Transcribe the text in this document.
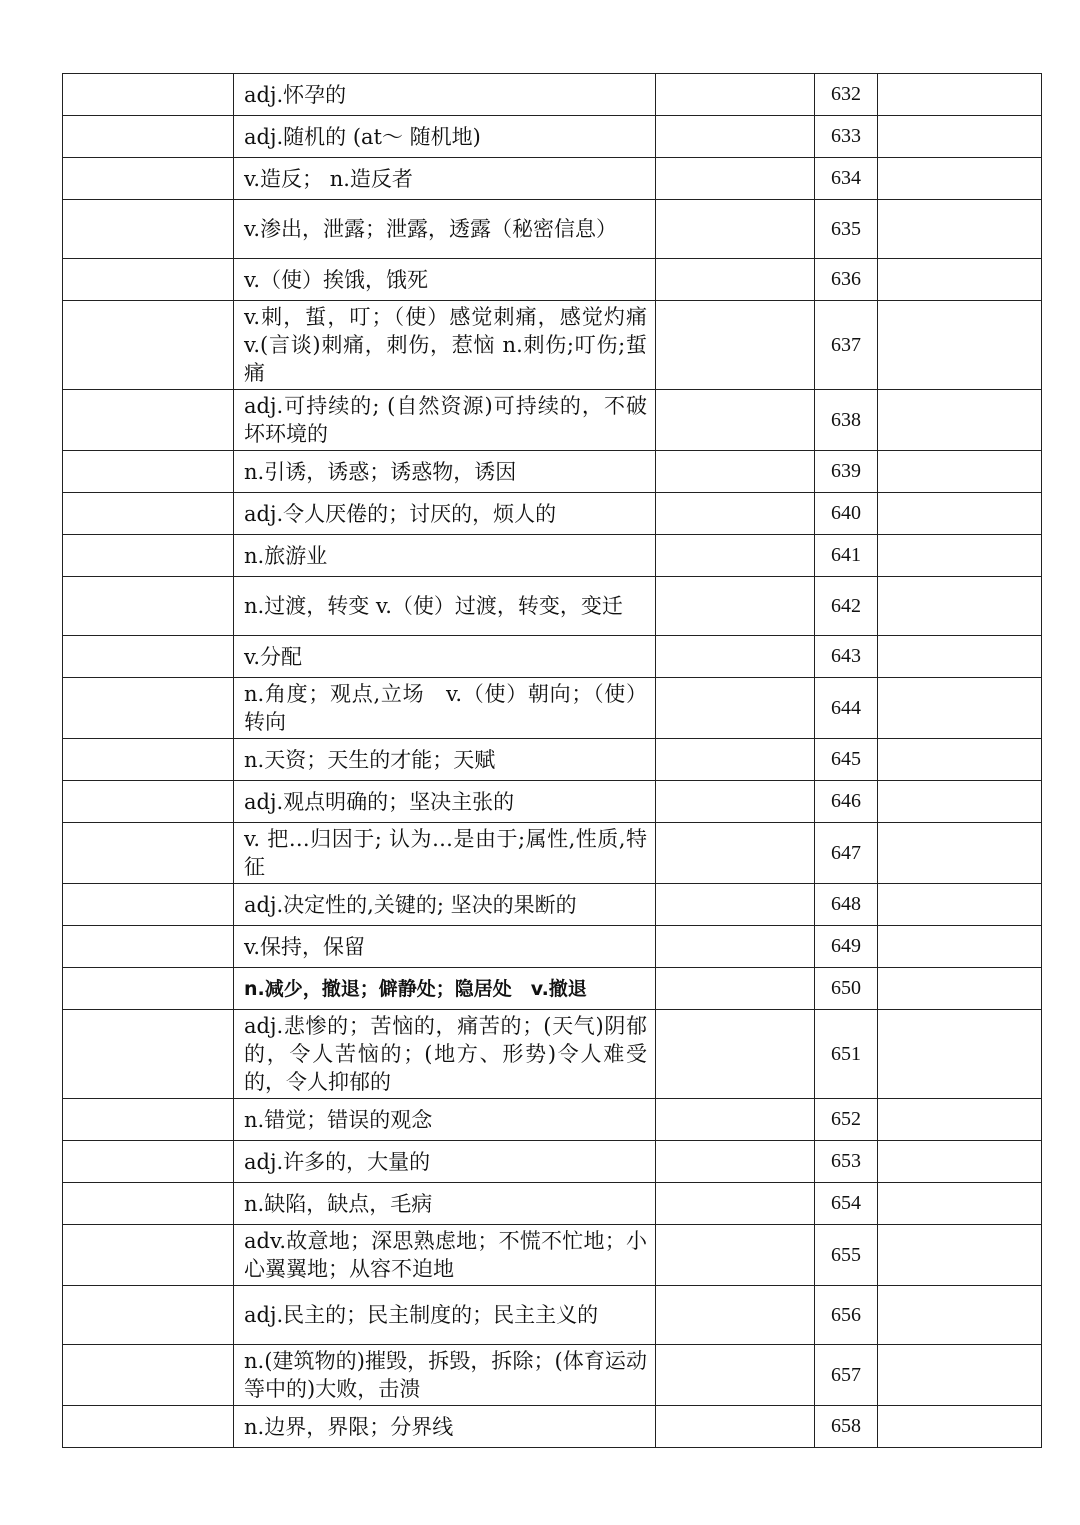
	adj.怀孕的		632	
	adj.随机的 (at～ 随机地)		633	
	v.造反； n.造反者		634	
	v.渗出，泄露；泄露，透露（秘密信息）		635	
	v.（使）挨饿，饿死		636	
	v.刺，蜇，叮；（使）感觉刺痛，感觉灼痛 v.(言谈)刺痛，刺伤，惹恼 n.刺伤;叮伤;蜇痛		637	
	adj.可持续的; (自然资源)可持续的，不破坏环境的		638	
	n.引诱，诱惑；诱惑物，诱因		639	
	adj.令人厌倦的；讨厌的，烦人的		640	
	n.旅游业		641	
	n.过渡，转变 v.（使）过渡，转变，变迁		642	
	v.分配		643	
	n.角度；观点,立场　v.（使）朝向；（使）转向		644	
	n.天资；天生的才能；天赋		645	
	adj.观点明确的；坚决主张的		646	
	v. 把…归因于; 认为…是由于;属性,性质,特征		647	
	adj.决定性的,关键的; 坚决的果断的		648	
	v.保持，保留		649	
	n.减少，撤退；僻静处；隐居处　v.撤退		650	
	adj.悲惨的；苦恼的，痛苦的；(天气)阴郁的，令人苦恼的；(地方、形势)令人难受的，令人抑郁的		651	
	n.错觉；错误的观念		652	
	adj.许多的，大量的		653	
	n.缺陷，缺点，毛病		654	
	adv.故意地；深思熟虑地；不慌不忙地；小心翼翼地；从容不迫地		655	
	adj.民主的；民主制度的；民主主义的		656	
	n.(建筑物的)摧毁，拆毁，拆除；(体育运动等中的)大败，击溃		657	
	n.边界，界限；分界线		658	
